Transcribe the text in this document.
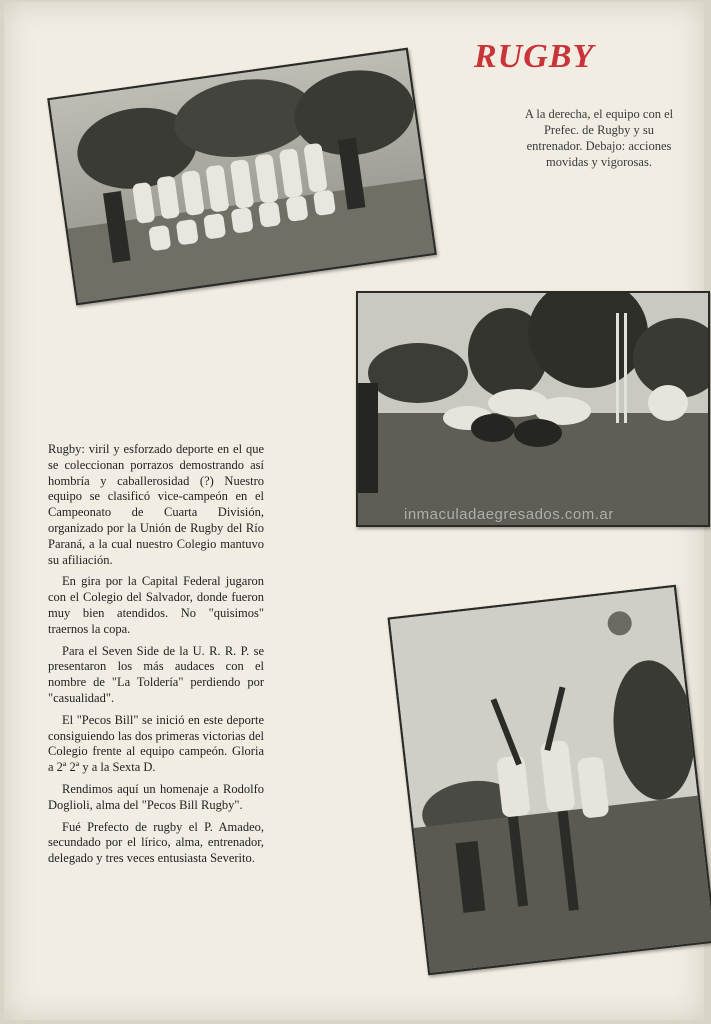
RUGBY

A la derecha, el equipo con el Prefec. de Rugby y su entrenador. Debajo: acciones movidas y vigorosas.

inmaculadaegresados.com.ar

Rugby: viril y esforzado deporte en el que se coleccionan porrazos demostrando así hombría y caballerosidad (?) Nuestro equipo se clasificó vice-campeón en el Campeonato de Cuarta División, organizado por la Unión de Rugby del Río Paraná, a la cual nuestro Colegio mantuvo su afiliación.

En gira por la Capital Federal jugaron con el Colegio del Salvador, donde fueron muy bien atendidos. No "quisimos" traernos la copa.

Para el Seven Side de la U. R. R. P. se presentaron los más audaces con el nombre de "La Toldería" perdiendo por "casualidad".

El "Pecos Bill" se inició en este deporte consiguiendo las dos primeras victorias del Colegio frente al equipo campeón. Gloria a 2ª 2ª y a la Sexta D.

Rendimos aquí un homenaje a Rodolfo Doglioli, alma del "Pecos Bill Rugby".

Fué Prefecto de rugby el P. Amadeo, secundado por el lírico, alma, entrenador, delegado y tres veces entusiasta Severito.
